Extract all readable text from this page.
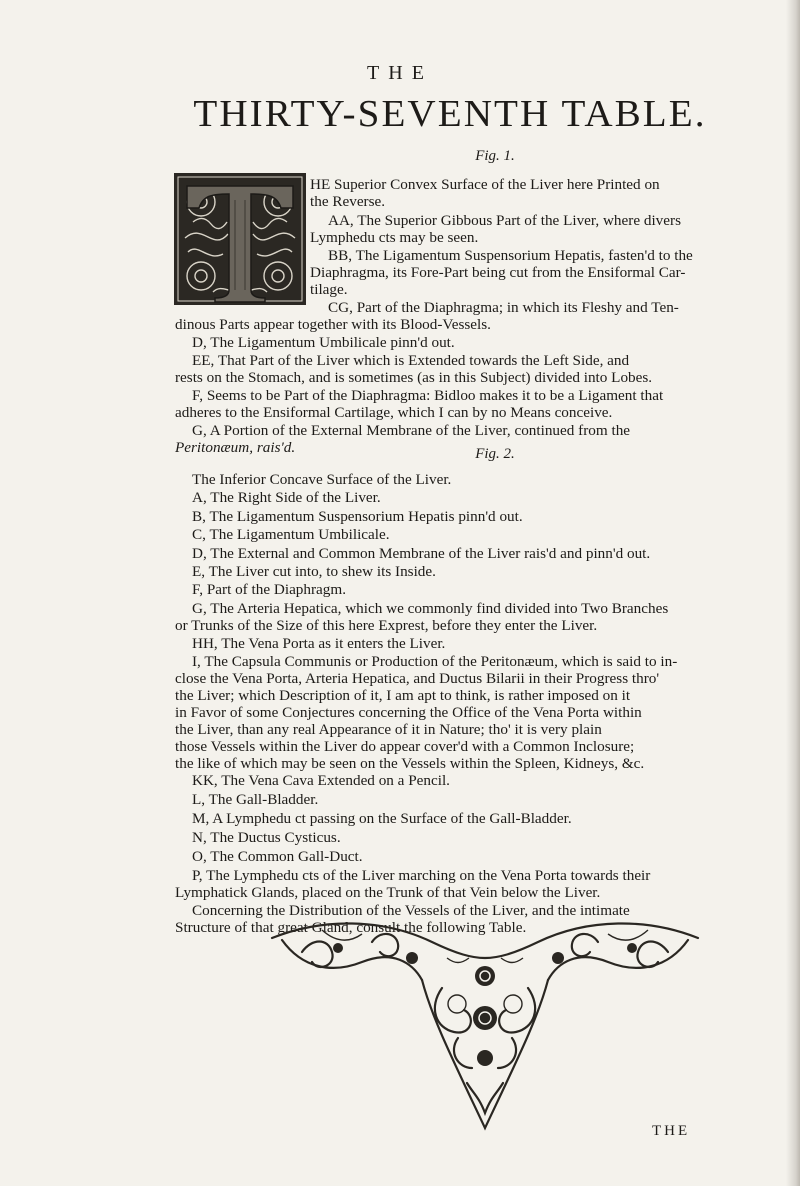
THE
THIRTY-SEVENTH TABLE.
Fig. 1.
HE Superior Convex Surface of the Liver here Printed on
the Reverse.
AA, The Superior Gibbous Part of the Liver, where divers
Lymphedu cts may be seen.
BB, The Ligamentum Suspensorium Hepatis, fasten'd to the
Diaphragma, its Fore-Part being cut from the Ensiformal Car-
tilage.
CG, Part of the Diaphragma; in which its Fleshy and Ten-
dinous Parts appear together with its Blood-Vessels.
D, The Ligamentum Umbilicale pinn'd out.
EE, That Part of the Liver which is Extended towards the Left Side, and
rests on the Stomach, and is sometimes (as in this Subject) divided into Lobes.
F, Seems to be Part of the Diaphragma: Bidloo makes it to be a Ligament that
adheres to the Ensiformal Cartilage, which I can by no Means conceive.
G, A Portion of the External Membrane of the Liver, continued from the
Peritonæum, rais'd.	Fig. 2.
The Inferior Concave Surface of the Liver.
A, The Right Side of the Liver.
B, The Ligamentum Suspensorium Hepatis pinn'd out.
C, The Ligamentum Umbilicale.
D, The External and Common Membrane of the Liver rais'd and pinn'd out.
E, The Liver cut into, to shew its Inside.
F, Part of the Diaphragm.
G, The Arteria Hepatica, which we commonly find divided into Two Branches
or Trunks of the Size of this here Exprest, before they enter the Liver.
HH, The Vena Porta as it enters the Liver.
I, The Capsula Communis or Production of the Peritonæum, which is said to in-
close the Vena Porta, Arteria Hepatica, and Ductus Bilarii in their Progress thro'
the Liver; which Description of it, I am apt to think, is rather imposed on it
in Favor of some Conjectures concerning the Office of the Vena Porta within
the Liver, than any real Appearance of it in Nature; tho' it is very plain
those Vessels within the Liver do appear cover'd with a Common Inclosure;
the like of which may be seen on the Vessels within the Spleen, Kidneys, &c.
KK, The Vena Cava Extended on a Pencil.
L, The Gall-Bladder.
M, A Lymphedu ct passing on the Surface of the Gall-Bladder.
N, The Ductus Cysticus.
O, The Common Gall-Duct.
P, The Lymphedu cts of the Liver marching on the Vena Porta towards their
Lymphatick Glands, placed on the Trunk of that Vein below the Liver.
Concerning the Distribution of the Vessels of the Liver, and the intimate
Structure of that great Gland, consult the following Table.
THE
